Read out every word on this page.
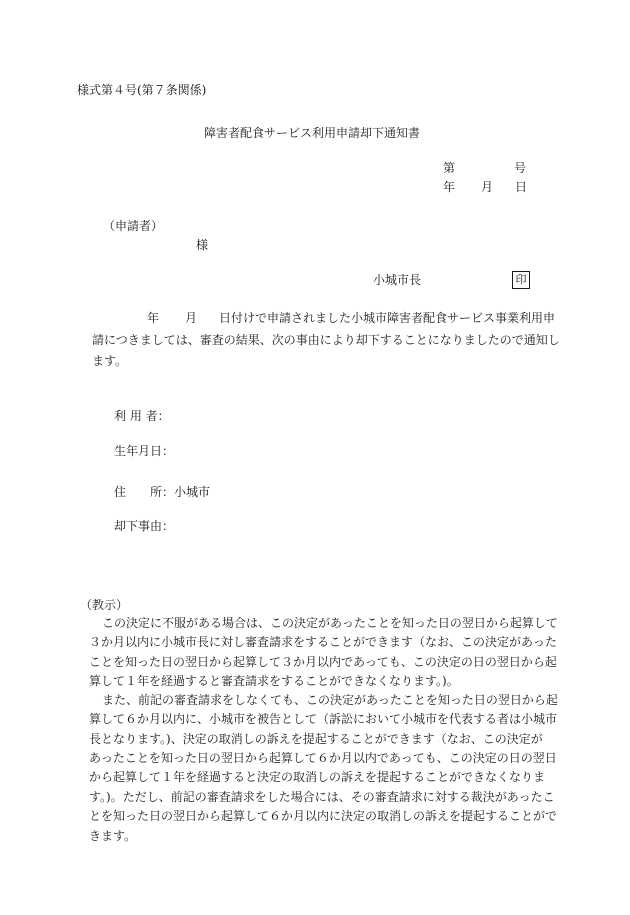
様式第４号(第７条関係)
障害者配食サービス利用申請却下通知書
第	号
年 月 日
（申請者）
様
小城市長	印
年 月 日付けで申請されました小城市障害者配食サービス事業利用申
請につきましては、審査の結果、次の事由により却下することになりましたので通知し
ます。
利 用 者：
生年月日：
住　　所：小城市
却下事由：
（教示）
この決定に不服がある場合は、この決定があったことを知った日の翌日から起算して
３か月以内に小城市長に対し審査請求をすることができます（なお、この決定があった
ことを知った日の翌日から起算して３か月以内であっても、この決定の日の翌日から起
算して１年を経過すると審査請求をすることができなくなります。)。
また、前記の審査請求をしなくても、この決定があったことを知った日の翌日から起
算して６か月以内に、小城市を被告として（訴訟において小城市を代表する者は小城市
長となります。)、決定の取消しの訴えを提起することができます（なお、この決定が
あったことを知った日の翌日から起算して６か月以内であっても、この決定の日の翌日
から起算して１年を経過すると決定の取消しの訴えを提起することができなくなりま
す。)。ただし、前記の審査請求をした場合には、その審査請求に対する裁決があったこ
とを知った日の翌日から起算して６か月以内に決定の取消しの訴えを提起することがで
きます。
